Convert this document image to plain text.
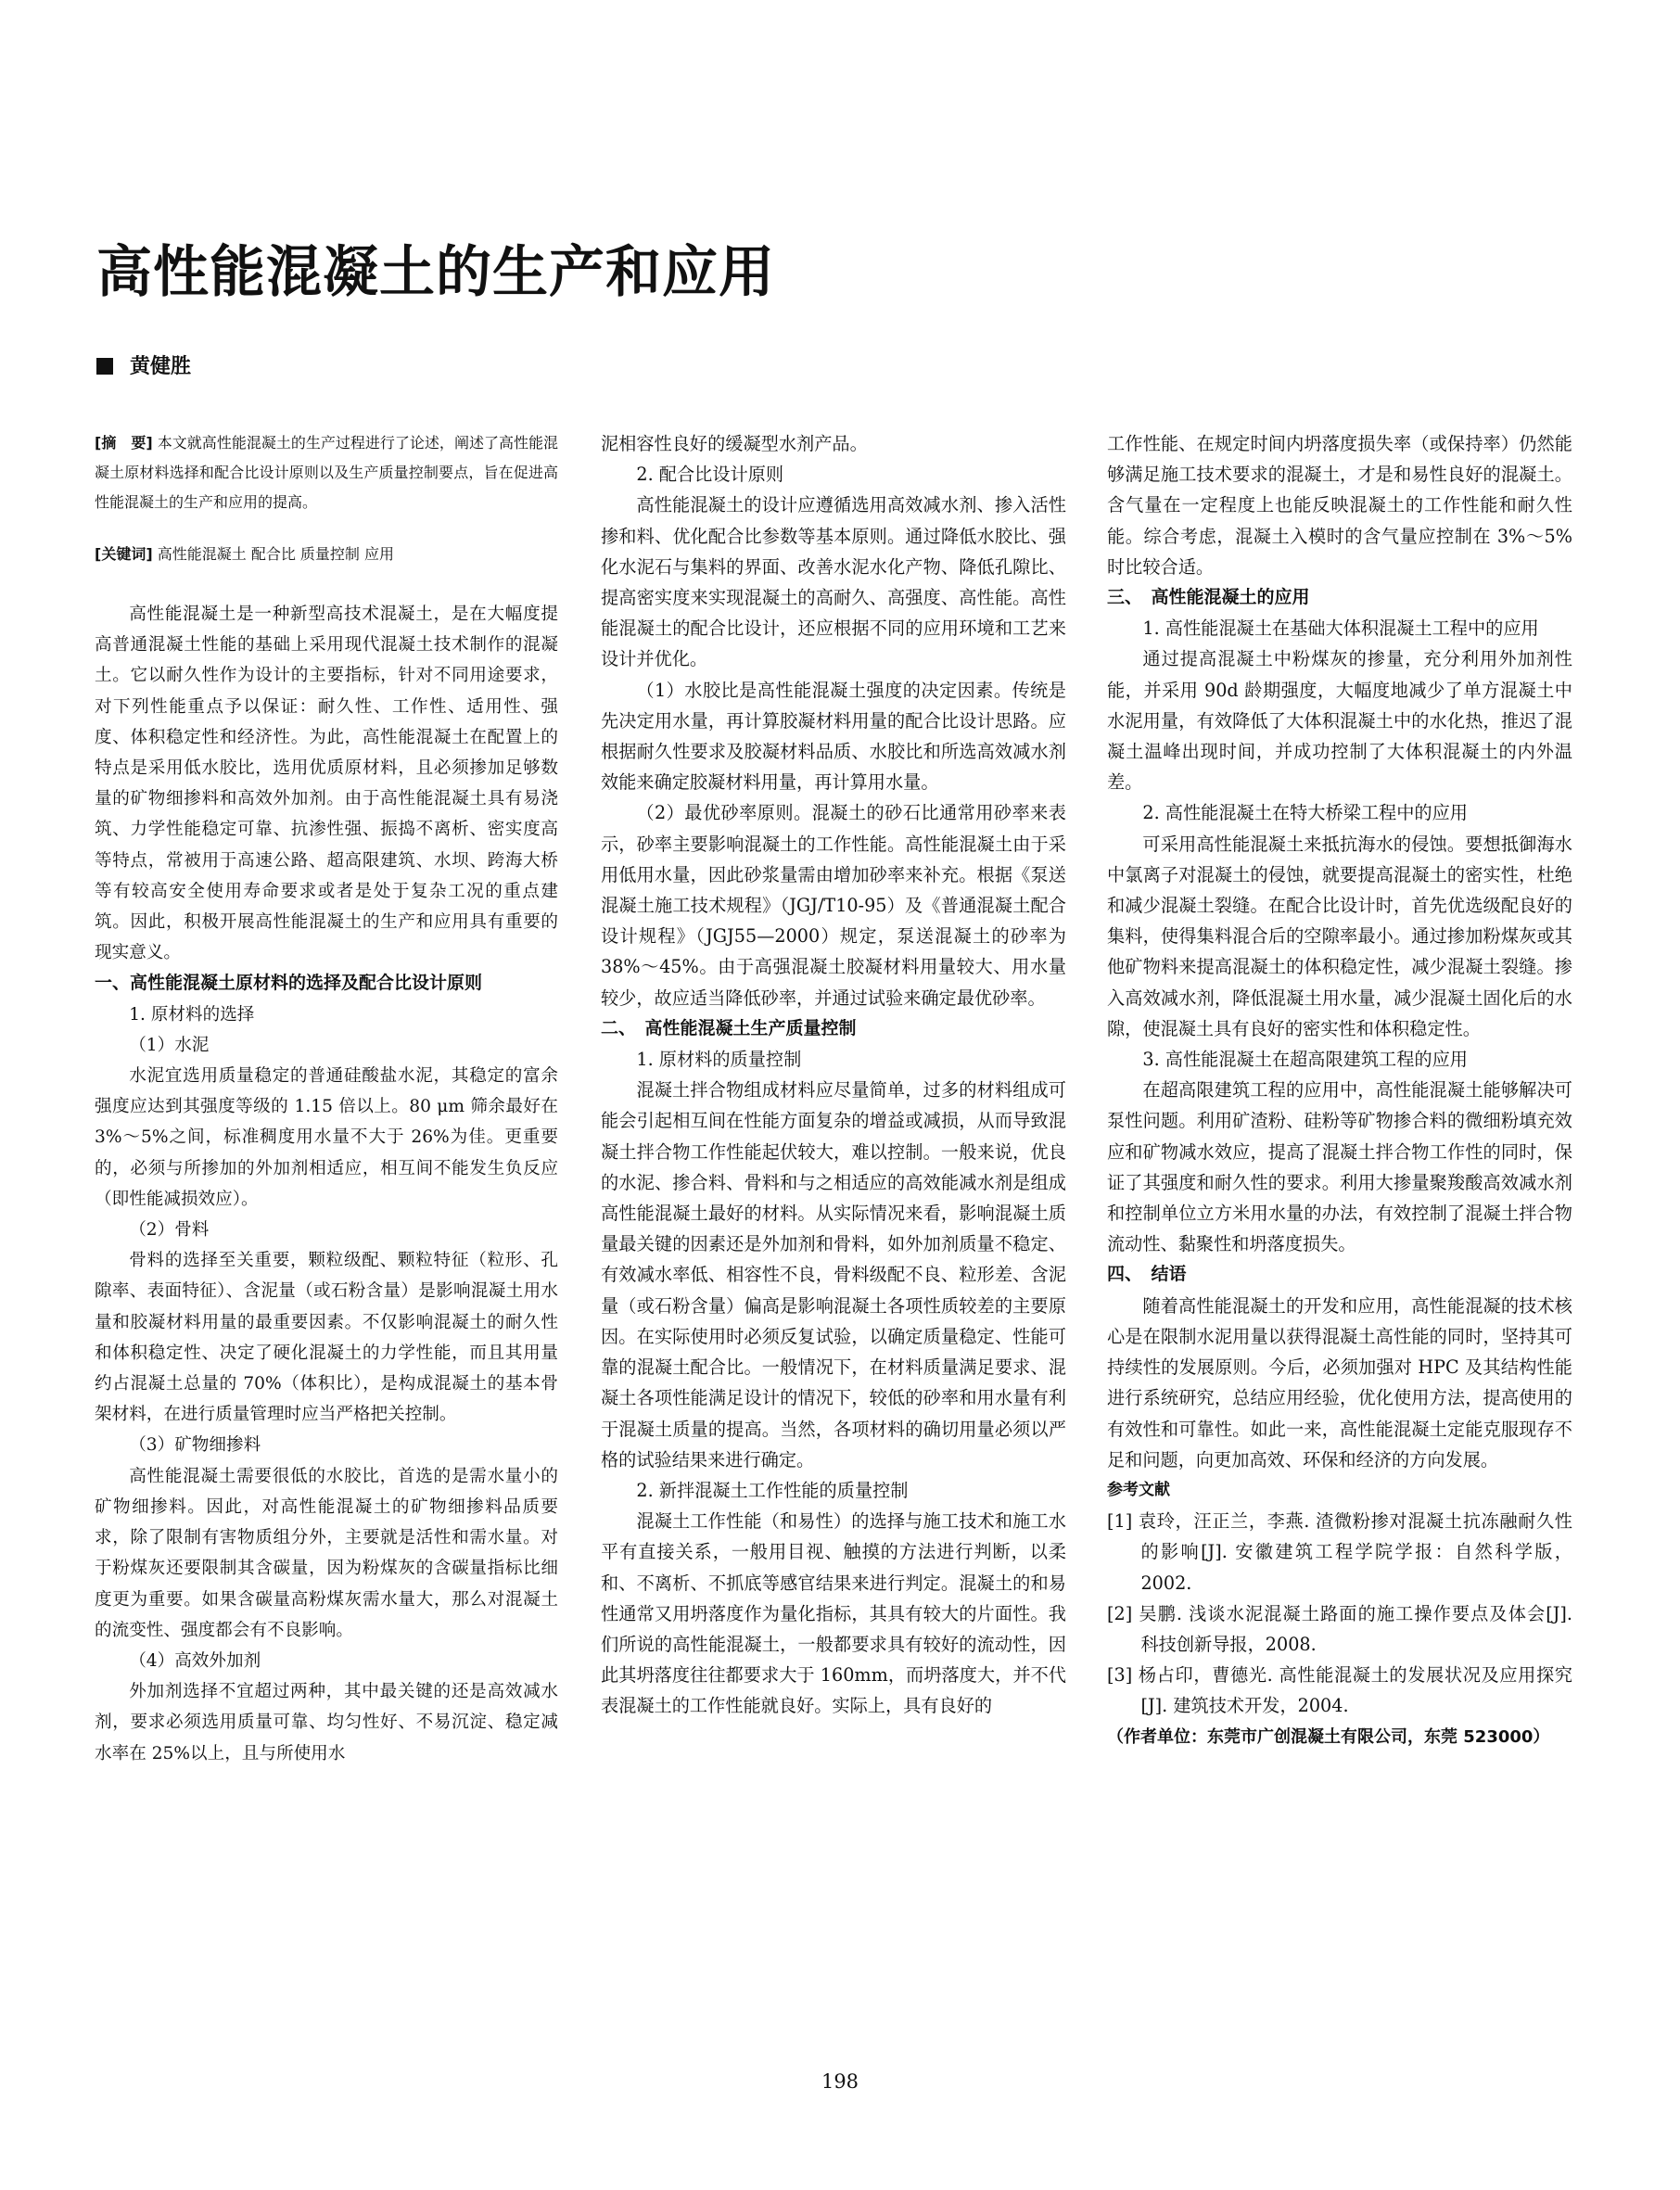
高性能混凝土的生产和应用
黄健胜

[摘　要] 本文就高性能混凝土的生产过程进行了论述，阐述了高性能混凝土原材料选择和配合比设计原则以及生产质量控制要点，旨在促进高性能混凝土的生产和应用的提高。

[关键词] 高性能混凝土 配合比 质量控制 应用

高性能混凝土是一种新型高技术混凝土，是在大幅度提高普通混凝土性能的基础上采用现代混凝土技术制作的混凝土。它以耐久性作为设计的主要指标，针对不同用途要求，对下列性能重点予以保证：耐久性、工作性、适用性、强度、体积稳定性和经济性。为此，高性能混凝土在配置上的特点是采用低水胶比，选用优质原材料，且必须掺加足够数量的矿物细掺料和高效外加剂。由于高性能混凝土具有易浇筑、力学性能稳定可靠、抗渗性强、振捣不离析、密实度高等特点，常被用于高速公路、超高限建筑、水坝、跨海大桥等有较高安全使用寿命要求或者是处于复杂工况的重点建筑。因此，积极开展高性能混凝土的生产和应用具有重要的现实意义。

一、高性能混凝土原材料的选择及配合比设计原则

1. 原材料的选择

（1）水泥

水泥宜选用质量稳定的普通硅酸盐水泥，其稳定的富余强度应达到其强度等级的 1.15 倍以上。80 μm 筛余最好在 3%～5%之间，标准稠度用水量不大于 26%为佳。更重要的，必须与所掺加的外加剂相适应，相互间不能发生负反应（即性能减损效应）。

（2）骨料

骨料的选择至关重要，颗粒级配、颗粒特征（粒形、孔隙率、表面特征）、含泥量（或石粉含量）是影响混凝土用水量和胶凝材料用量的最重要因素。不仅影响混凝土的耐久性和体积稳定性、决定了硬化混凝土的力学性能，而且其用量约占混凝土总量的 70%（体积比），是构成混凝土的基本骨架材料，在进行质量管理时应当严格把关控制。

（3）矿物细掺料

高性能混凝土需要很低的水胶比，首选的是需水量小的矿物细掺料。因此，对高性能混凝土的矿物细掺料品质要求，除了限制有害物质组分外，主要就是活性和需水量。对于粉煤灰还要限制其含碳量，因为粉煤灰的含碳量指标比细度更为重要。如果含碳量高粉煤灰需水量大，那么对混凝土的流变性、强度都会有不良影响。

（4）高效外加剂

外加剂选择不宜超过两种，其中最关键的还是高效减水剂，要求必须选用质量可靠、均匀性好、不易沉淀、稳定减水率在 25%以上，且与所使用水

泥相容性良好的缓凝型水剂产品。

2. 配合比设计原则

高性能混凝土的设计应遵循选用高效减水剂、掺入活性掺和料、优化配合比参数等基本原则。通过降低水胶比、强化水泥石与集料的界面、改善水泥水化产物、降低孔隙比、提高密实度来实现混凝土的高耐久、高强度、高性能。高性能混凝土的配合比设计，还应根据不同的应用环境和工艺来设计并优化。

（1）水胶比是高性能混凝土强度的决定因素。传统是先决定用水量，再计算胶凝材料用量的配合比设计思路。应根据耐久性要求及胶凝材料品质、水胶比和所选高效减水剂效能来确定胶凝材料用量，再计算用水量。

（2）最优砂率原则。混凝土的砂石比通常用砂率来表示，砂率主要影响混凝土的工作性能。高性能混凝土由于采用低用水量，因此砂浆量需由增加砂率来补充。根据《泵送混凝土施工技术规程》（JGJ/T10-95）及《普通混凝土配合设计规程》（JGJ55—2000）规定，泵送混凝土的砂率为 38%～45%。由于高强混凝土胶凝材料用量较大、用水量较少，故应适当降低砂率，并通过试验来确定最优砂率。

二、　高性能混凝土生产质量控制

1. 原材料的质量控制

混凝土拌合物组成材料应尽量简单，过多的材料组成可能会引起相互间在性能方面复杂的增益或减损，从而导致混凝土拌合物工作性能起伏较大，难以控制。一般来说，优良的水泥、掺合料、骨料和与之相适应的高效能减水剂是组成高性能混凝土最好的材料。从实际情况来看，影响混凝土质量最关键的因素还是外加剂和骨料，如外加剂质量不稳定、有效减水率低、相容性不良，骨料级配不良、粒形差、含泥量（或石粉含量）偏高是影响混凝土各项性质较差的主要原因。在实际使用时必须反复试验，以确定质量稳定、性能可靠的混凝土配合比。一般情况下，在材料质量满足要求、混凝土各项性能满足设计的情况下，较低的砂率和用水量有利于混凝土质量的提高。当然，各项材料的确切用量必须以严格的试验结果来进行确定。

2. 新拌混凝土工作性能的质量控制

混凝土工作性能（和易性）的选择与施工技术和施工水平有直接关系，一般用目视、触摸的方法进行判断，以柔和、不离析、不抓底等感官结果来进行判定。混凝土的和易性通常又用坍落度作为量化指标，其具有较大的片面性。我们所说的高性能混凝土，一般都要求具有较好的流动性，因此其坍落度往往都要求大于 160mm，而坍落度大，并不代表混凝土的工作性能就良好。实际上，具有良好的

工作性能、在规定时间内坍落度损失率（或保持率）仍然能够满足施工技术要求的混凝土，才是和易性良好的混凝土。含气量在一定程度上也能反映混凝土的工作性能和耐久性能。综合考虑，混凝土入模时的含气量应控制在 3%～5%时比较合适。

三、　高性能混凝土的应用

1. 高性能混凝土在基础大体积混凝土工程中的应用

通过提高混凝土中粉煤灰的掺量，充分利用外加剂性能，并采用 90d 龄期强度，大幅度地减少了单方混凝土中水泥用量，有效降低了大体积混凝土中的水化热，推迟了混凝土温峰出现时间，并成功控制了大体积混凝土的内外温差。

2. 高性能混凝土在特大桥梁工程中的应用

可采用高性能混凝土来抵抗海水的侵蚀。要想抵御海水中氯离子对混凝土的侵蚀，就要提高混凝土的密实性，杜绝和减少混凝土裂缝。在配合比设计时，首先优选级配良好的集料，使得集料混合后的空隙率最小。通过掺加粉煤灰或其他矿物料来提高混凝土的体积稳定性，减少混凝土裂缝。掺入高效减水剂，降低混凝土用水量，减少混凝土固化后的水隙，使混凝土具有良好的密实性和体积稳定性。

3. 高性能混凝土在超高限建筑工程的应用

在超高限建筑工程的应用中，高性能混凝土能够解决可泵性问题。利用矿渣粉、硅粉等矿物掺合料的微细粉填充效应和矿物减水效应，提高了混凝土拌合物工作性的同时，保证了其强度和耐久性的要求。利用大掺量聚羧酸高效减水剂和控制单位立方米用水量的办法，有效控制了混凝土拌合物流动性、黏聚性和坍落度损失。

四、　结语

随着高性能混凝土的开发和应用，高性能混凝的技术核心是在限制水泥用量以获得混凝土高性能的同时，坚持其可持续性的发展原则。今后，必须加强对 HPC 及其结构性能进行系统研究，总结应用经验，优化使用方法，提高使用的有效性和可靠性。如此一来，高性能混凝土定能克服现存不足和问题，向更加高效、环保和经济的方向发展。

参考文献

[1] 袁玲，汪正兰，李燕. 渣微粉掺对混凝土抗冻融耐久性的影响[J]. 安徽建筑工程学院学报：自然科学版，2002.

[2] 吴鹏. 浅谈水泥混凝土路面的施工操作要点及体会[J]. 科技创新导报，2008.

[3] 杨占印，曹德光. 高性能混凝土的发展状况及应用探究[J]. 建筑技术开发，2004.

（作者单位：东莞市广创混凝土有限公司，东莞 523000）

198
